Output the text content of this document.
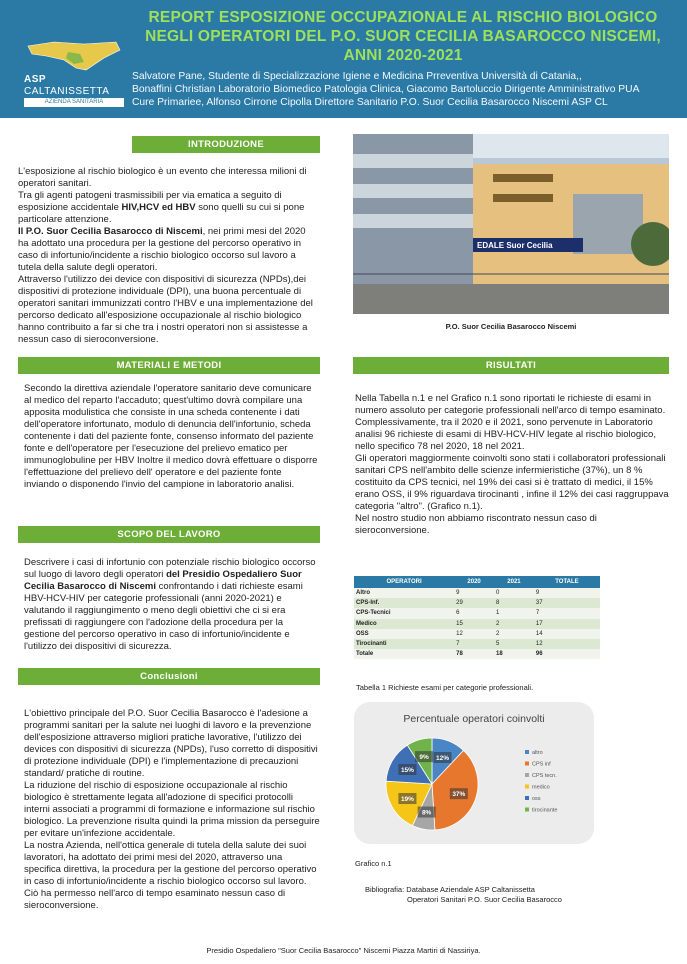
ASP
CALTANISSETTA
AZIENDA SANITARIA PROVINCIALE
REPORT ESPOSIZIONE OCCUPAZIONALE AL RISCHIO BIOLOGICO
NEGLI OPERATORI DEL P.O. SUOR CECILIA BASAROCCO NISCEMI,
ANNI 2020-2021
Salvatore Pane, Studente di Specializzazione Igiene e Medicina Prreventiva Università di Catania,,
Bonaffini Christian Laboratorio Biomedico Patologia Clinica, Giacomo Bartoluccio Dirigente Amministrativo PUA
Cure Primariee, Alfonso Cirrone Cipolla Direttore Sanitario P.O. Suor Cecilia Basarocco Niscemi ASP CL
INTRODUZIONE

L'esposizione al rischio biologico è un evento che interessa milioni di operatori sanitari.

Tra gli agenti patogeni trasmissibili per via ematica a seguito di esposizione accidentale HIV,HCV ed HBV sono quelli su cui si pone particolare attenzione.

Il P.O. Suor Cecilia Basarocco di Niscemi, nei primi mesi del 2020 ha adottato una procedura per la gestione del percorso operativo in caso di infortunio/incidente a rischio biologico occorso sul lavoro a tutela della salute degli operatori.

Attraverso l'utilizzo dei device con dispositivi di sicurezza (NPDs),dei dispositivi di protezione individuale (DPI), una buona percentuale di operatori sanitari immunizzati contro l'HBV e una implementazione del percorso dedicato all'esposizione occupazionale al rischio biologico hanno contribuito a far si che tra i nostri operatori non si assistesse a nessun caso di sieroconversione.

MATERIALI E METODI
Secondo la direttiva aziendale l'operatore sanitario deve comunicare al medico del reparto l'accaduto; quest'ultimo dovrà compilare una apposita modulistica che consiste in una scheda contenente i dati dell'operatore infortunato, modulo di denuncia dell'infortunio, scheda contenente i dati del paziente fonte, consenso informato del paziente fonte e dell'operatore per l'esecuzione del prelievo ematico per immunoglobuline per HBV Inoltre il medico dovrà effettuare o disporre l'effettuazione del prelievo dell' operatore e del paziente fonte inviando o disponendo l'invio del campione in laboratorio analisi.
SCOPO DEL LAVORO
Descrivere i casi di infortunio con potenziale rischio biologico occorso sul luogo di lavoro degli operatori del Presidio Ospedaliero Suor Cecilia Basarocco di Niscemi confrontando i dati richieste esami HBV-HCV-HIV per categorie professionali (anni 2020-2021) e valutando il raggiungimento o meno degli obiettivi che ci si era prefissati di raggiungere con l'adozione della procedura per la gestione del percorso operativo in caso di infortunio/incidente e l'utilizzo dei dispositivi di sicurezza.
Conclusioni
L'obiettivo principale del P.O. Suor Cecilia Basarocco è l'adesione a programmi sanitari per la salute nei luoghi di lavoro e la prevenzione dell'esposizione attraverso migliori pratiche lavorative, l'utilizzo dei devices con dispositivi di sicurezza (NPDs), l'uso corretto di dispositivi di protezione individuale (DPI) e l'implementazione di precauzioni standard/ pratiche di routine.
La riduzione del rischio di esposizione occupazionale al rischio biologico è strettamente legata all'adozione di specifici protocolli interni associati a programmi di formazione e informazione sul rischio biologico. La prevenzione risulta quindi la prima mission da perseguire per evitare un'infezione accidentale.
La nostra Azienda, nell'ottica generale di tutela della salute dei suoi lavoratori, ha adottato dei primi mesi del 2020, attraverso una specifica direttiva, la procedura per la gestione del percorso operativo in caso di infortunio/incidente a rischio biologico occorso sul lavoro. Ciò ha permesso nell'arco di tempo esaminato nessun caso di sieroconversione.
EDALE Suor Cecilia
P.O. Suor Cecilia Basarocco Niscemi
RISULTATI
Nella Tabella n.1 e nel Grafico n.1 sono riportati le richieste di esami in numero assoluto per categorie professionali nell'arco di tempo esaminato.
Complessivamente, tra il 2020 e il 2021, sono pervenute in Laboratorio analisi 96 richieste di esami di HBV-HCV-HIV legate al rischio biologico, nello specifico 78 nel 2020, 18 nel 2021.
Gli operatori maggiormente coinvolti sono stati i collaboratori professionali sanitari CPS nell'ambito delle scienze infermieristiche (37%), un 8 % costituito da CPS tecnici, nel 19% dei casi si è trattato di medici, il 15% erano OSS, il 9% riguardava tirocinanti , infine il 12% dei casi raggruppava categoria "altro". (Grafico n.1).
Nel nostro studio non abbiamo riscontrato nessun caso di sieroconversione.
OPERATORI	2020	2021	TOTALE
Altro	9	0	9
CPS-Inf.	29	8	37
CPS-Tecnici	6	1	7
Medico	15	2	17
OSS	12	2	14
Tirocinanti	7	5	12
Totale	78	18	96
Tabella 1 Richieste esami per categorie professionali.
Percentuale operatori coinvolti
12%
37%
8%
19%
15%
9%
altro
CPS inf
CPS tecn.
medico
oss
tirocinante
Grafico n.1
Bibliografia: Database Aziendale ASP Caltanissetta
Operatori Sanitari P.O. Suor Cecilia Basarocco
Presidio Ospedaliero "Suor Cecilia Basarocco" Niscemi Piazza Martiri di Nassiriya.
